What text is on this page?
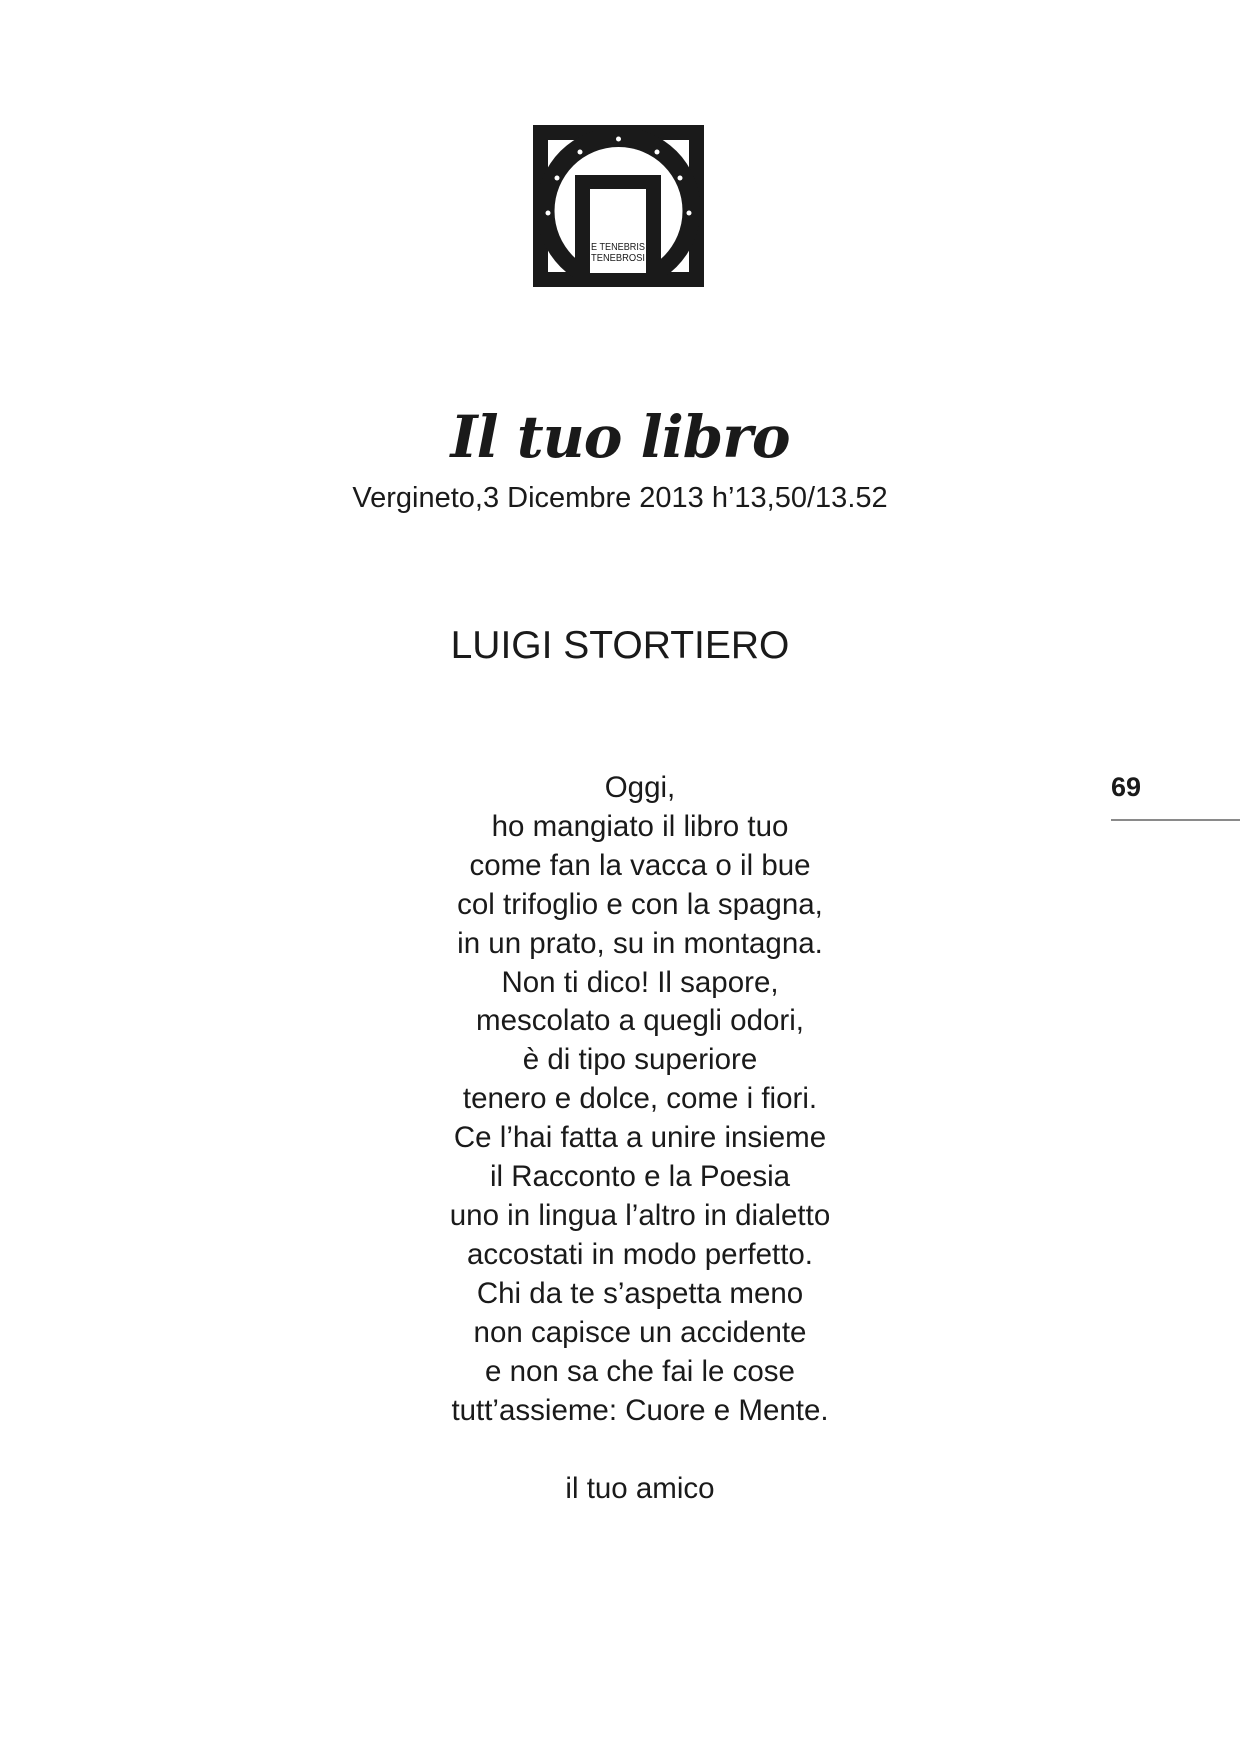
E TENEBRIS
TENEBROSI
Il tuo libro
Vergineto,3 Dicembre 2013 h’13,50/13.52
LUIGI STORTIERO
Oggi,
ho mangiato il libro tuo
come fan la vacca o il bue
col trifoglio e con la spagna,
in un prato, su in montagna.
Non ti dico! Il sapore,
mescolato a quegli odori,
è di tipo superiore
tenero e dolce, come i fiori.
Ce l’hai fatta a unire insieme
il Racconto e la Poesia
uno in lingua l’altro in dialetto
accostati in modo perfetto.
Chi da te s’aspetta meno
non capisce un accidente
e non sa che fai le cose
tutt’assieme: Cuore e Mente.
il tuo amico
69
